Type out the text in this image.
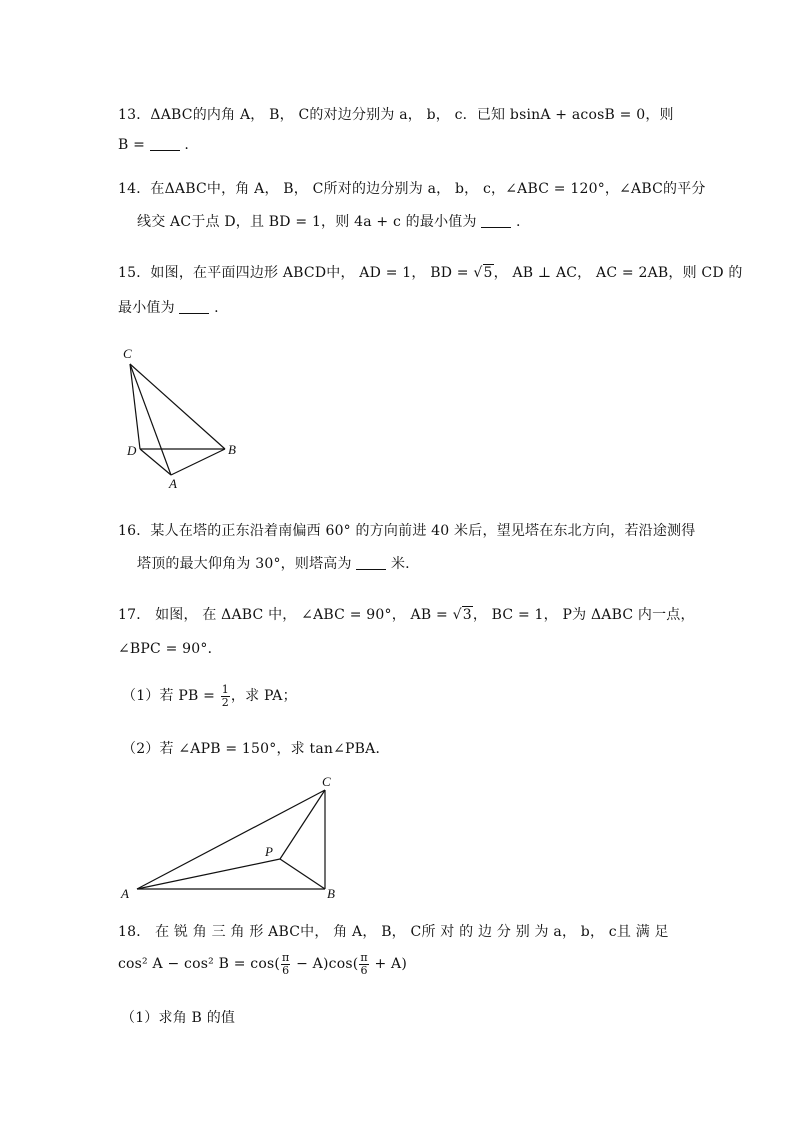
13．ΔABC的内角 A， B， C的对边分别为 a， b， c．已知 bsinA + acosB = 0，则
B =	.
14．在ΔABC中，角 A， B， C所对的边分别为 a， b， c，∠ABC = 120°，∠ABC的平分
线交 AC于点 D，且 BD = 1，则 4a + c 的最小值为	.
15．如图，在平面四边形 ABCD中， AD = 1， BD = √5， AB ⊥ AC， AC = 2AB，则 CD 的
最小值为	.
C
D	B
A
16．某人在塔的正东沿着南偏西 60° 的方向前进 40 米后，望见塔在东北方向，若沿途测得
塔顶的最大仰角为 30°，则塔高为	米.
17． 如图， 在 ΔABC 中， ∠ABC = 90°， AB = √3， BC = 1， P为 ΔABC 内一点，
∠BPC = 90°．
（1）若 PB = $\frac{1}{2}$ ，求 PA；
（2）若 ∠APB = 150°，求 tan∠PBA．
C
P
A	B
18． 在 锐 角 三 角 形 ABC中， 角 A， B， C所 对 的 边 分 别 为 a， b， c且 满 足
cos² A − cos² $B = \cos( \frac{\pi}{6} - A)\cos( \frac{\pi}{6} + A)$
（1）求角 B 的值
